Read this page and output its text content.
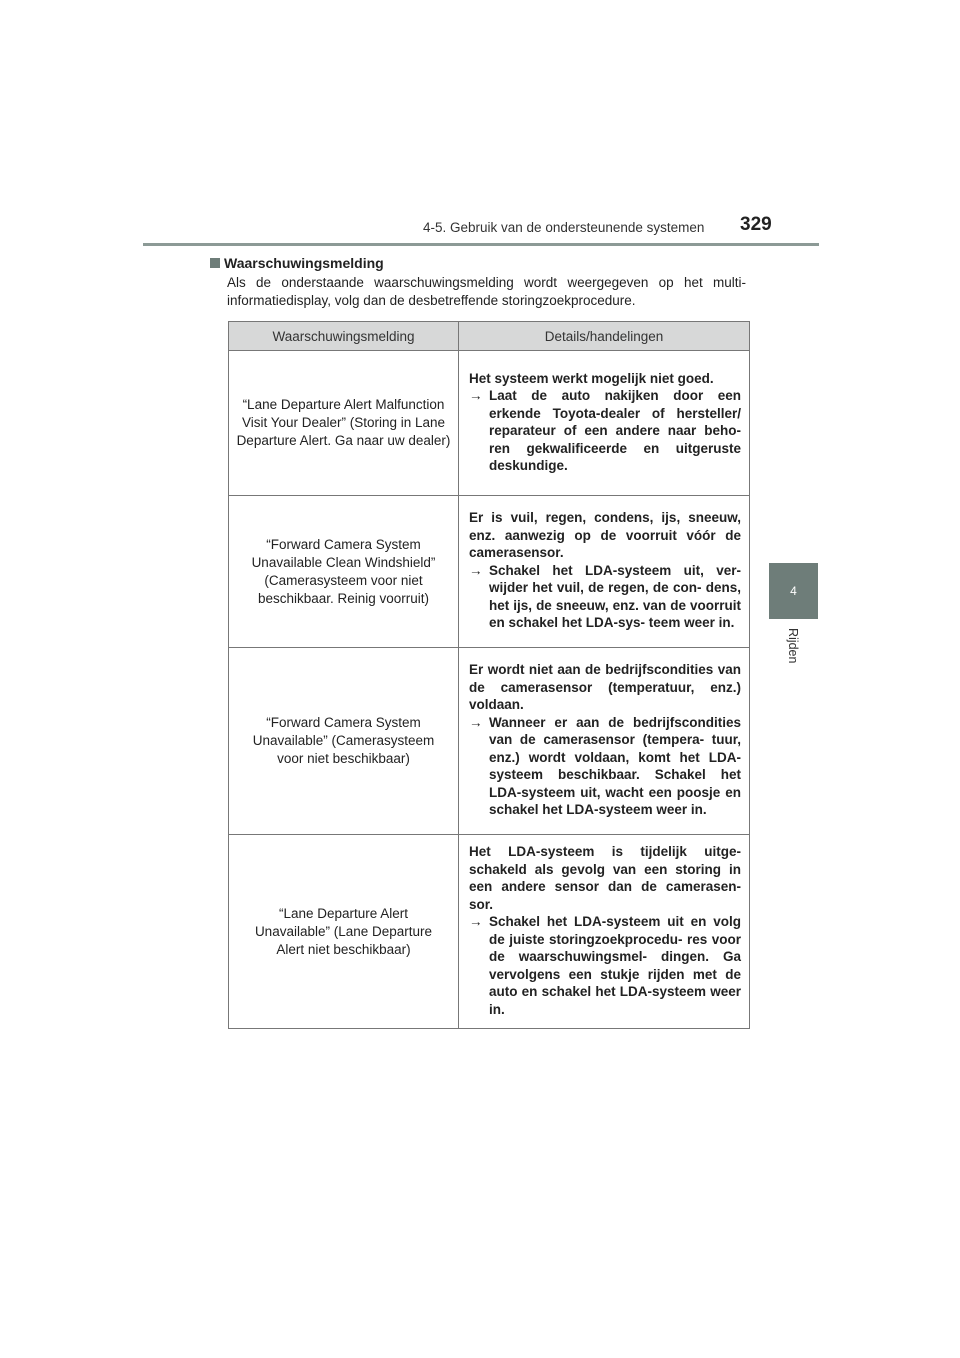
4-5. Gebruik van de ondersteunende systemen 329
4
Rijden
Waarschuwingsmelding
Als de onderstaande waarschuwingsmelding wordt weergegeven op het multi-informatiedisplay, volg dan de desbetreffende storingzoekprocedure.
Waarschuwingsmelding	Details/handelingen

“Lane Departure Alert Malfunction Visit Your Dealer” (Storing in Lane Departure Alert. Ga naar uw dealer)	Het systeem werkt mogelijk niet goed.
→ Laat de auto nakijken door een erkende Toyota-dealer of hersteller/ reparateur of een andere naar beho- ren gekwalificeerde en uitgeruste deskundige.

“Forward Camera System Unavailable Clean Windshield” (Camerasysteem voor niet beschikbaar. Reinig voorruit)	Er is vuil, regen, condens, ijs, sneeuw, enz. aanwezig op de voorruit vóór de camerasensor.
→ Schakel het LDA-systeem uit, ver- wijder het vuil, de regen, de con- dens, het ijs, de sneeuw, enz. van de voorruit en schakel het LDA-sys- teem weer in.

“Forward Camera System Unavailable” (Camerasysteem voor niet beschikbaar)	Er wordt niet aan de bedrijfscondities van de camerasensor (temperatuur, enz.) voldaan.
→ Wanneer er aan de bedrijfscondities van de camerasensor (tempera- tuur, enz.) wordt voldaan, komt het LDA-systeem beschikbaar. Schakel het LDA-systeem uit, wacht een poosje en schakel het LDA-systeem weer in.

“Lane Departure Alert Unavailable” (Lane Departure Alert niet beschikbaar)	Het LDA-systeem is tijdelijk uitge- schakeld als gevolg van een storing in een andere sensor dan de camerasen- sor.
→ Schakel het LDA-systeem uit en volg de juiste storingzoekprocedu- res voor de waarschuwingsmel- dingen. Ga vervolgens een stukje rijden met de auto en schakel het LDA-systeem weer in.
